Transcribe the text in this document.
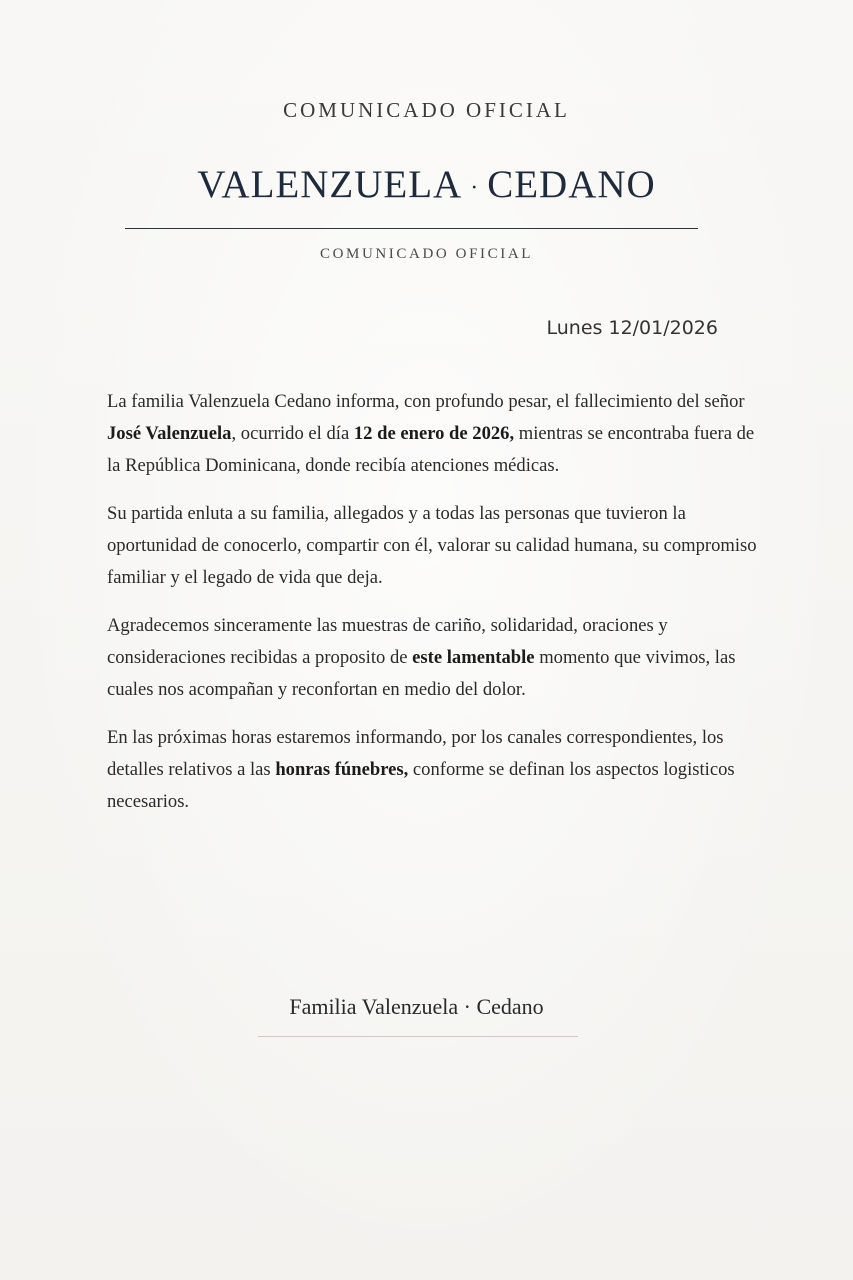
COMUNICADO OFICIAL
VALENZUELA · CEDANO
COMUNICADO OFICIAL
Lunes 12/01/2026

La familia Valenzuela Cedano informa, con profundo pesar, el fallecimiento del señor José Valenzuela, ocurrido el día 12 de enero de 2026, mientras se encontraba fuera de la República Dominicana, donde recibía atenciones médicas.

Su partida enluta a su familia, allegados y a todas las personas que tuvieron la oportunidad de conocerlo, compartir con él, valorar su calidad humana, su compromiso familiar y el legado de vida que deja.

Agradecemos sinceramente las muestras de cariño, solidaridad, oraciones y consideraciones recibidas a proposito de este lamentable momento que vivimos, las cuales nos acompañan y reconfortan en medio del dolor.

En las próximas horas estaremos informando, por los canales correspondientes, los detalles relativos a las honras fúnebres, conforme se definan los aspectos logisticos necesarios.

Familia Valenzuela · Cedano
